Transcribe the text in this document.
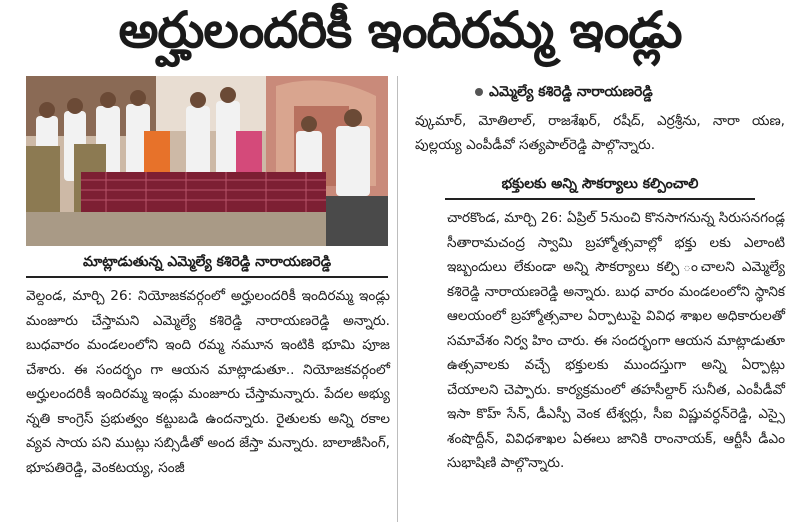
అర్హులందరికీ ఇందిరమ్మ ఇండ్లు
మాట్లాడుతున్న ఎమ్మెల్యే కశిరెడ్డి నారాయణరెడ్డి

వెల్దండ, మార్చి 26: నియోజకవర్గంలో అర్హులందరికీ ఇందిరమ్మ ఇండ్లు మంజూరు చేస్తామని ఎమ్మెల్యే కశిరెడ్డి నారాయణరెడ్డి అన్నారు. బుధవారం మండలంలోని ఇంది రమ్మ నమూన ఇంటికి భూమి పూజ చేశారు. ఈ సందర్భం గా ఆయన మాట్లాడుతూ.. నియోజకవర్గంలో అర్హులందరికీ ఇందిరమ్మ ఇండ్లు మంజూరు చేస్తామన్నారు. పేదల అభ్యు న్నతి కాంగ్రెస్ ప్రభుత్వం కట్టుబడి ఉందన్నారు. రైతులకు అన్ని రకాల వ్యవ సాయ పని ముట్లు సబ్సిడీతో అంద జేస్తా మన్నారు. బాలాజీసింగ్, భూపతిరెడ్డి, వెంకటయ్య, సంజీ

ఎమ్మెల్యే కశిరెడ్డి నారాయణరెడ్డి

వ్కుమార్, మోతిలాల్, రాజశేఖర్, రషీద్, ఎర్రశ్రీను, నారా యణ, పుల్లయ్య ఎంపీడీవో సత్యపాల్‌రెడ్డి పాల్గొన్నారు.

భక్తులకు అన్ని సౌకర్యాలు కల్పించాలి

చారకొండ, మార్చి 26: ఏప్రిల్ 5నుంచి కొనసాగనున్న సిరుసనగండ్ల సీతారామచంద్ర స్వామి బ్రహ్మోత్సవాల్లో భక్తు లకు ఎలాంటి ఇబ్బందులు లేకుండా అన్ని సౌకర్యాలు కల్పి ంచాలని ఎమ్మెల్యే కశిరెడ్డి నారాయణరెడ్డి అన్నారు. బుధ వారం మండలంలోని స్థానిక ఆలయంలో బ్రహ్మోత్సవాల ఏర్పాటుపై వివిధ శాఖల అధికారులతో సమావేశం నిర్వ హిం చారు. ఈ సందర్భంగా ఆయన మాట్లాడుతూ ఉత్సవాలకు వచ్చే భక్తులకు ముందస్తుగా అన్ని ఏర్పాట్లు చేయాలని చెప్పారు. కార్యక్రమంలో తహసీల్దార్ సునీత, ఎంపీడీవో ఇసా కొహ్ సేన్, డీఎస్పీ వెంక టేశ్వర్లు, సీఐ విష్ణువర్ధన్‌రెడ్డి, ఎస్సై శంషొద్దీన్, వివిధశాఖల ఏఈలు జానికి రాంనాయక్, ఆర్టీసీ డీఎం సుభాషిణి పాల్గొన్నారు.
